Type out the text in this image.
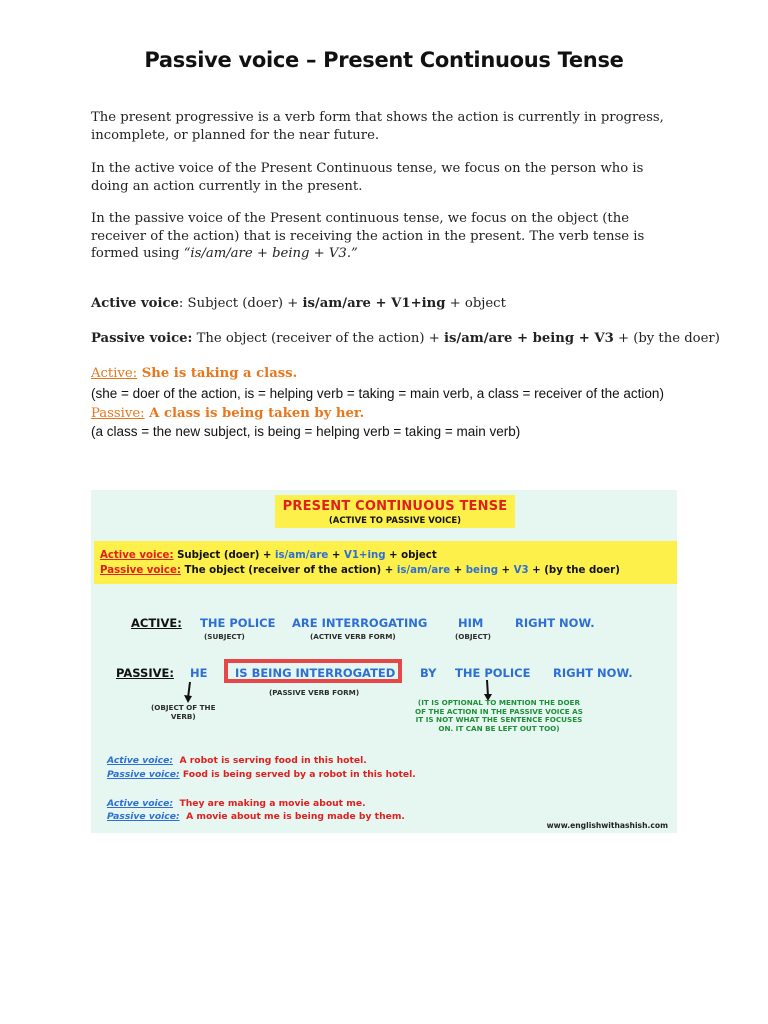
Passive voice – Present Continuous Tense
The present progressive is a verb form that shows the action is currently in progress, incomplete, or planned for the near future.
In the active voice of the Present Continuous tense, we focus on the person who is doing an action currently in the present.
In the passive voice of the Present continuous tense, we focus on the object (the receiver of the action) that is receiving the action in the present. The verb tense is formed using “is/am/are + being + V3.”
Active voice: Subject (doer) + is/am/are + V1+ing + object
Passive voice: The object (receiver of the action) + is/am/are + being + V3 + (by the doer)
Active: She is taking a class.
(she = doer of the action, is = helping verb = taking = main verb, a class = receiver of the action)
Passive: A class is being taken by her.
(a class = the new subject, is being = helping verb = taking = main verb)
PRESENT CONTINUOUS TENSE
(ACTIVE TO PASSIVE VOICE)
Active voice: Subject (doer) + is/am/are + V1+ing + object
Passive voice: The object (receiver of the action) + is/am/are + being + V3 + (by the doer)
ACTIVE: THE POLICE ARE INTERROGATING	HIM	RIGHT NOW.
(SUBJECT)	(ACTIVE VERB FORM)	(OBJECT)
PASSIVE: HE IS BEING INTERROGATED BY THE POLICE RIGHT NOW.
(PASSIVE VERB FORM)
(OBJECT OF THE
VERB)
(IT IS OPTIONAL TO MENTION THE DOER
OF THE ACTION IN THE PASSIVE VOICE AS
IT IS NOT WHAT THE SENTENCE FOCUSES
ON. IT CAN BE LEFT OUT TOO)
Active voice: A robot is serving food in this hotel.
Passive voice: Food is being served by a robot in this hotel.
Active voice: They are making a movie about me.
Passive voice: A movie about me is being made by them.
www.englishwithashish.com
